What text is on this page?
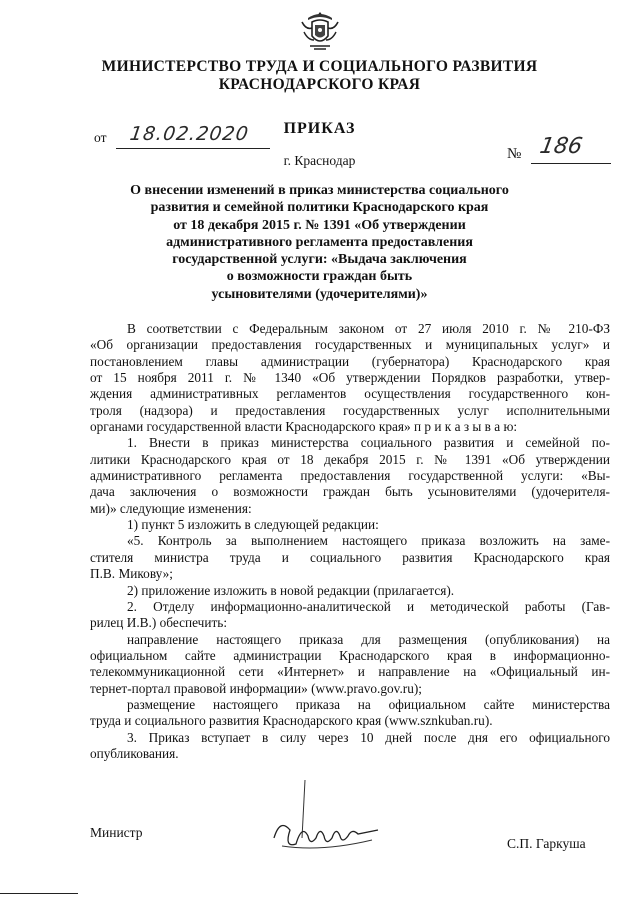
МИНИСТЕРСТВО ТРУДА И СОЦИАЛЬНОГО РАЗВИТИЯ
КРАСНОДАРСКОГО КРАЯ
ПРИКАЗ
от 18.02.2020
№ 186
г. Краснодар
О внесении изменений в приказ министерства социального
развития и семейной политики Краснодарского края
от 18 декабря 2015 г. № 1391 «Об утверждении
административного регламента предоставления
государственной услуги: «Выдача заключения
о возможности граждан быть
усыновителями (удочерителями)»
В соответствии с Федеральным законом от 27 июля 2010 г. № 210-ФЗ
«Об организации предоставления государственных и муниципальных услуг» и
постановлением главы администрации (губернатора) Краснодарского края
от 15 ноября 2011 г. № 1340 «Об утверждении Порядков разработки, утвер-
ждения административных регламентов осуществления государственного кон-
троля (надзора) и предоставления государственных услуг исполнительными
органами государственной власти Краснодарского края» п р и к а з ы в а ю:
1. Внести в приказ министерства социального развития и семейной по-
литики Краснодарского края от 18 декабря 2015 г. № 1391 «Об утверждении
административного регламента предоставления государственной услуги: «Вы-
дача заключения о возможности граждан быть усыновителями (удочерителя-
ми)» следующие изменения:
1) пункт 5 изложить в следующей редакции:
«5. Контроль за выполнением настоящего приказа возложить на заме-
стителя министра труда и социального развития Краснодарского края
П.В. Микову»;
2) приложение изложить в новой редакции (прилагается).
2. Отделу информационно-аналитической и методической работы (Гав-
рилец И.В.) обеспечить:
направление настоящего приказа для размещения (опубликования) на
официальном сайте администрации Краснодарского края в информационно-
телекоммуникационной сети «Интернет» и направление на «Официальный ин-
тернет-портал правовой информации» (www.pravo.gov.ru);
размещение настоящего приказа на официальном сайте министерства
труда и социального развития Краснодарского края (www.sznkuban.ru).
3. Приказ вступает в силу через 10 дней после дня его официального
опубликования.
Министр
С.П. Гаркуша
